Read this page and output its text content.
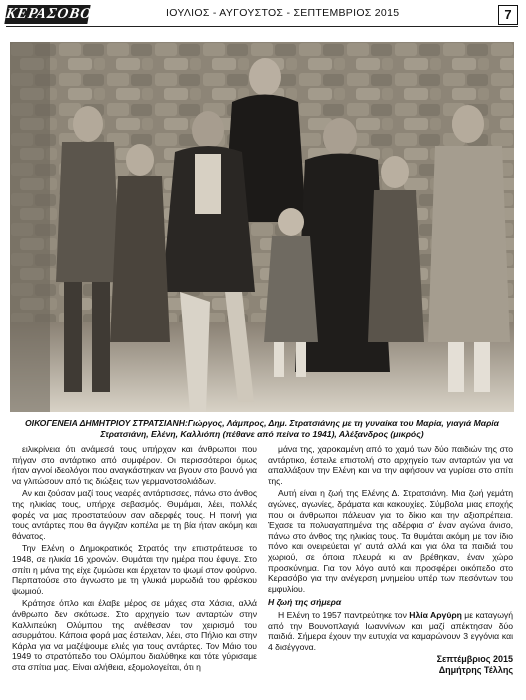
ΚΕΡΑΣΟΒΟ	ΙΟΥΛΙΟΣ - ΑΥΓΟΥΣΤΟΣ - ΣΕΠΤΕΜΒΡΙΟΣ 2015	7
ΟΙΚΟΓΕΝΕΙΑ ΔΗΜΗΤΡΙΟΥ ΣΤΡΑΤΣΙΑΝΗ:Γιώργος, Λάμπρος, Δημ. Στρατσιάνης με τη γυναίκα του Μαρία, γιαγιά Μαρία Στρατσιάνη, Ελένη, Καλλιόπη (πέθανε από πείνα το 1941), Αλέξανδρος (μικρός)

ειλικρίνεια ότι ανάμεσά τους υπήρχαν και άνθρωποι που πήγαν στο αντάρτικο από συμφέρον. Οι περισσότεροι όμως ήταν αγνοί ιδεολόγοι που αναγκάστηκαν να βγουν στο βουνό για να γλιτώσουν από τις διώξεις των γερμανοτσολιάδων.

Αν και ζούσαν μαζί τους νεαρές αντάρτισσες, πάνω στο άνθος της ηλικίας τους, υπήρχε σεβασμός. Θυμάμαι, λέει, πολλές φορές να μας προστατεύουν σαν αδερφές τους. Η ποινή για τους αντάρτες που θα άγγιζαν κοπέλα με τη βία ήταν ακόμη και θάνατος.

Την Ελένη ο Δημοκρατικός Στρατός την επιστράτευσε το 1948, σε ηλικία 16 χρονών. Θυμάται την ημέρα που έφυγε. Στο σπίτι η μάνα της είχε ζυμώσει και έρχεταν το ψωμί στον φούρνο. Περπατούσε στο άγνωστο με τη γλυκιά μυρωδιά του φρέσκου ψωμιού.

Κράτησε όπλο και έλαβε μέρος σε μάχες στα Χάσια, αλλά άνθρωπο δεν σκότωσε. Στο αρχηγείο των ανταρτών στην Καλλιπεύκη Ολύμπου της ανέθεσαν τον χειρισμό του ασυρμάτου. Κάποια φορά μας έστειλαν, λέει, στο Πήλιο και στην Κάρλα για να μαζέψουμε ελιές για τους αντάρτες. Τον Μάιο του 1949 το στρατόπεδο του Ολύμπου διαλύθηκε και τότε γύρισαμε στα σπίτια μας. Είναι αλήθεια, εξομολογείται, ότι η

μάνα της, χαροκαμένη από το χαμό των δύο παιδιών της στο αντάρτικο, έστειλε επιστολή στο αρχηγείο των ανταρτών για να απαλλάξουν την Ελένη και να την αφήσουν να γυρίσει στο σπίτι της.

Αυτή είναι η ζωή της Ελένης Δ. Στρατσιάνη. Μια ζωή γεμάτη αγώνες, αγωνίες, δράματα και κακουχίες. Σύμβολα μιας εποχής που οι άνθρωποι πάλευαν για το δίκιο και την αξιοπρέπεια. Έχασε τα πολυαγαπημένα της αδέρφια σ' έναν αγώνα άνισο, πάνω στο άνθος της ηλικίας τους. Τα θυμάται ακόμη με τον ίδιο πόνο και ονειρεύεται γι' αυτά αλλά και για όλα τα παιδιά του χωριού, σε όποια πλευρά κι αν βρέθηκαν, έναν χώρο προσκύνημα. Για τον λόγο αυτό και προσφέρει οικόπεδο στο Κερασόβο για την ανέγερση μνημείου υπέρ των πεσόντων του εμφυλίου.

Η ζωή της σήμερα

Η Ελένη το 1957 παντρεύτηκε τον Ηλία Αργύρη με καταγωγή από την Βουνοπλαγιά Ιωαννίνων και μαζί απέκτησαν δύο παιδιά. Σήμερα έχουν την ευτυχία να καμαρώνουν 3 εγγόνια και 4 δισέγγονα.

Σεπτέμβριος 2015
Δημήτρης Τέλλης
